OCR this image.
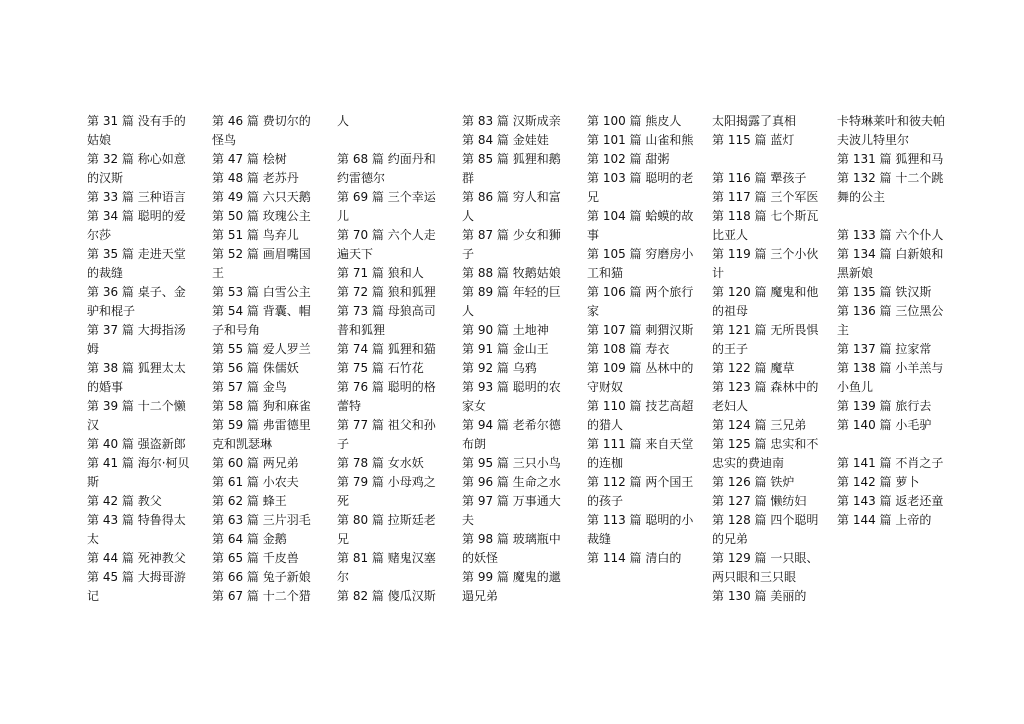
第 31 篇 没有手的姑娘
第 32 篇 称心如意的汉斯
第 33 篇 三种语言
第 34 篇 聪明的爱尔莎
第 35 篇 走进天堂的裁缝
第 36 篇 桌子、金驴和棍子
第 37 篇 大拇指汤姆
第 38 篇 狐狸太太的婚事
第 39 篇 十二个懒汉
第 40 篇 强盗新郎
第 41 篇 海尔·柯贝斯
第 42 篇 教父
第 43 篇 特鲁得太太
第 44 篇 死神教父
第 45 篇 大拇哥游记
第 46 篇 费切尔的怪鸟
第 47 篇 桧树
第 48 篇 老苏丹
第 49 篇 六只天鹅
第 50 篇 玫瑰公主
第 51 篇 鸟弃儿
第 52 篇 画眉嘴国王
第 53 篇 白雪公主
第 54 篇 背囊、帽子和号角
第 55 篇 爱人罗兰
第 56 篇 侏儒妖
第 57 篇 金鸟
第 58 篇 狗和麻雀
第 59 篇 弗雷德里克和凯瑟琳
第 60 篇 两兄弟
第 61 篇 小农夫
第 62 篇 蜂王
第 63 篇 三片羽毛
第 64 篇 金鹅
第 65 篇 千皮兽
第 66 篇 兔子新娘
第 67 篇 十二个猎
人
第 68 篇 约面丹和约雷德尔
第 69 篇 三个幸运儿
第 70 篇 六个人走遍天下
第 71 篇 狼和人
第 72 篇 狼和狐狸
第 73 篇 母狼高司普和狐狸
第 74 篇 狐狸和猫
第 75 篇 石竹花
第 76 篇 聪明的格蕾特
第 77 篇 祖父和孙子
第 78 篇 女水妖
第 79 篇 小母鸡之死
第 80 篇 拉斯廷老兄
第 81 篇 赌鬼汉塞尔
第 82 篇 傻瓜汉斯
第 83 篇 汉斯成亲
第 84 篇 金娃娃
第 85 篇 狐狸和鹅群
第 86 篇 穷人和富人
第 87 篇 少女和狮子
第 88 篇 牧鹅姑娘
第 89 篇 年轻的巨人
第 90 篇 土地神
第 91 篇 金山王
第 92 篇 乌鸦
第 93 篇 聪明的农家女
第 94 篇 老希尔德布朗
第 95 篇 三只小鸟
第 96 篇 生命之水
第 97 篇 万事通大夫
第 98 篇 玻璃瓶中的妖怪
第 99 篇 魔鬼的邋遢兄弟
第 100 篇 熊皮人
第 101 篇 山雀和熊
第 102 篇 甜粥
第 103 篇 聪明的老兄
第 104 篇 蛤蟆的故事
第 105 篇 穷磨房小工和猫
第 106 篇 两个旅行家
第 107 篇 刺猬汉斯
第 108 篇 寿衣
第 109 篇 丛林中的守财奴
第 110 篇 技艺高超的猎人
第 111 篇 来自天堂的连枷
第 112 篇 两个国王的孩子
第 113 篇 聪明的小裁缝
第 114 篇 清白的
太阳揭露了真相
第 115 篇 蓝灯
第 116 篇 犟孩子
第 117 篇 三个军医
第 118 篇 七个斯瓦比亚人
第 119 篇 三个小伙计
第 120 篇 魔鬼和他的祖母
第 121 篇 无所畏惧的王子
第 122 篇 魔草
第 123 篇 森林中的老妇人
第 124 篇 三兄弟
第 125 篇 忠实和不忠实的费迪南
第 126 篇 铁炉
第 127 篇 懒纺妇
第 128 篇 四个聪明的兄弟
第 129 篇 一只眼、两只眼和三只眼
第 130 篇 美丽的
卡特琳莱叶和彼夫帕夫波儿特里尔
第 131 篇 狐狸和马
第 132 篇 十二个跳舞的公主
第 133 篇 六个仆人
第 134 篇 白新娘和黑新娘
第 135 篇 铁汉斯
第 136 篇 三位黑公主
第 137 篇 拉家常
第 138 篇 小羊羔与小鱼儿
第 139 篇 旅行去
第 140 篇 小毛驴
第 141 篇 不肖之子
第 142 篇 萝卜
第 143 篇 返老还童
第 144 篇 上帝的
